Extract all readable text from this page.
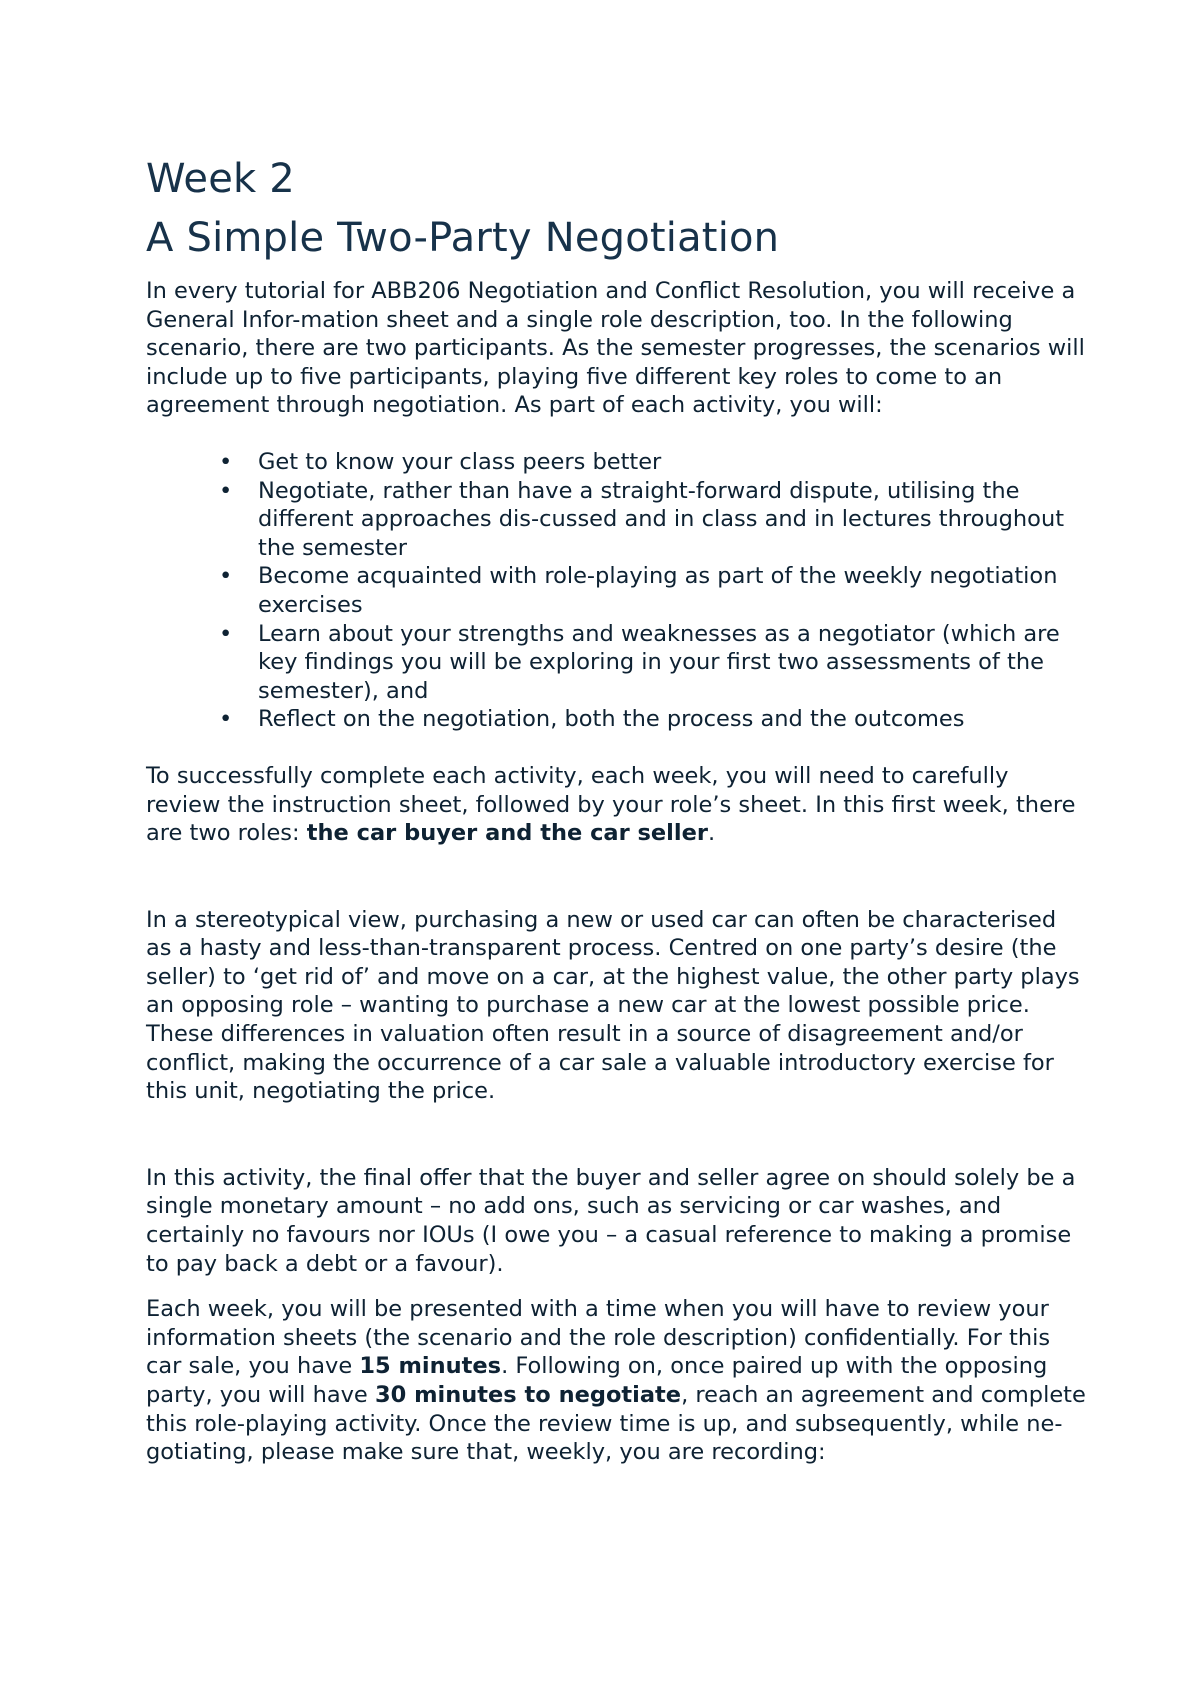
Week 2
A Simple Two-Party Negotiation

In every tutorial for ABB206 Negotiation and Conflict Resolution, you will receive a General Infor-mation sheet and a single role description, too. In the following scenario, there are two participants. As the semester progresses, the scenarios will include up to five participants, playing five different key roles to come to an agreement through negotiation. As part of each activity, you will:

• Get to know your class peers better
• Negotiate, rather than have a straight-forward dispute, utilising the different approaches dis-cussed and in class and in lectures throughout the semester
• Become acquainted with role-playing as part of the weekly negotiation exercises
• Learn about your strengths and weaknesses as a negotiator (which are key findings you will be exploring in your first two assessments of the semester), and
• Reflect on the negotiation, both the process and the outcomes

To successfully complete each activity, each week, you will need to carefully review the instruction sheet, followed by your role’s sheet. In this first week, there are two roles: the car buyer and the car seller.

In a stereotypical view, purchasing a new or used car can often be characterised as a hasty and less-than-transparent process. Centred on one party’s desire (the seller) to ‘get rid of’ and move on a car, at the highest value, the other party plays an opposing role – wanting to purchase a new car at the lowest possible price. These differences in valuation often result in a source of disagreement and/or conflict, making the occurrence of a car sale a valuable introductory exercise for this unit, negotiating the price.

In this activity, the final offer that the buyer and seller agree on should solely be a single monetary amount – no add ons, such as servicing or car washes, and certainly no favours nor IOUs (I owe you – a casual reference to making a promise to pay back a debt or a favour).

Each week, you will be presented with a time when you will have to review your information sheets (the scenario and the role description) confidentially. For this car sale, you have 15 minutes. Following on, once paired up with the opposing party, you will have 30 minutes to negotiate, reach an agreement and complete this role-playing activity. Once the review time is up, and subsequently, while ne-gotiating, please make sure that, weekly, you are recording:
